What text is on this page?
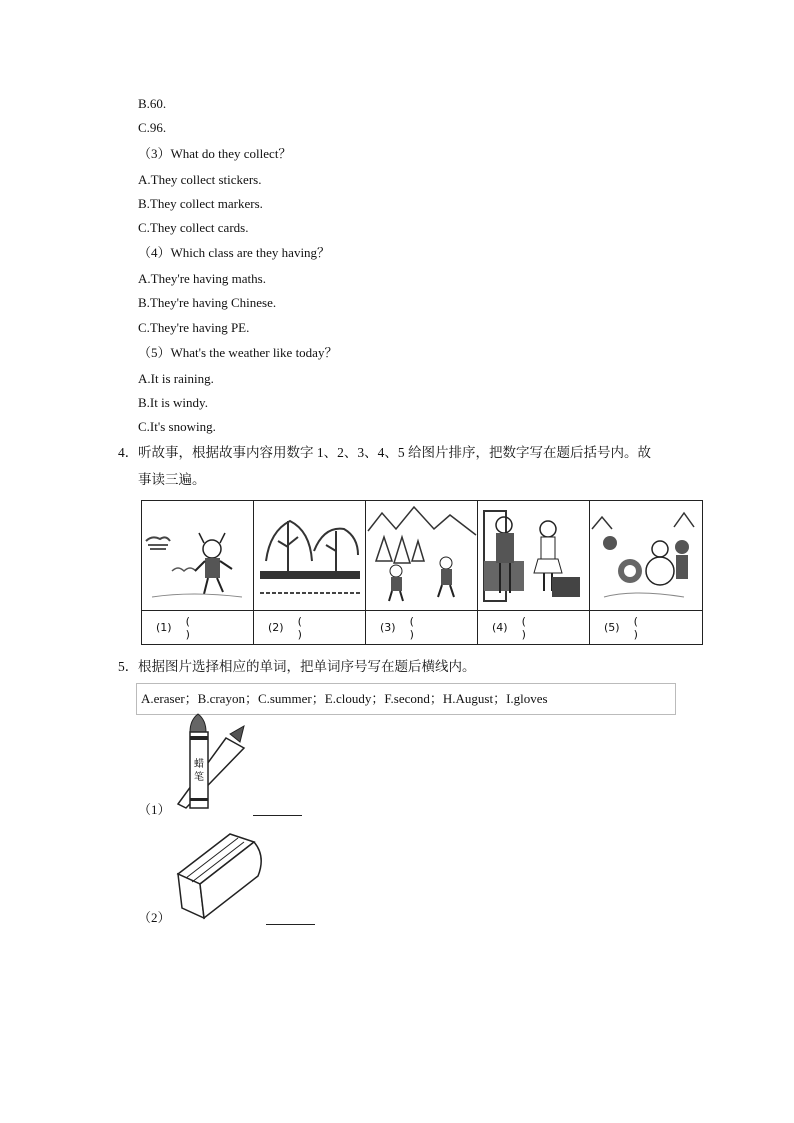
B.60.
C.96.
（3）What do they collect？
A.They collect stickers.
B.They collect markers.
C.They collect cards.
（4）Which class are they having？
A.They're having maths.
B.They're having Chinese.
C.They're having PE.
（5）What's the weather like today？
A.It is raining.
B.It is windy.
C.It's snowing.
4． 听故事，根据故事内容用数字 1、2、3、4、5 给图片排序，把数字写在题后括号内。故
事读三遍。
(1) ( )	(2) ( )	(3) ( )	(4) ( )	(5) ( )
5． 根据图片选择相应的单词，把单词序号写在题后横线内。
A.eraser；B.crayon；C.summer；E.cloudy；F.second；H.August；I.gloves
蜡
笔
（1）
（2）
